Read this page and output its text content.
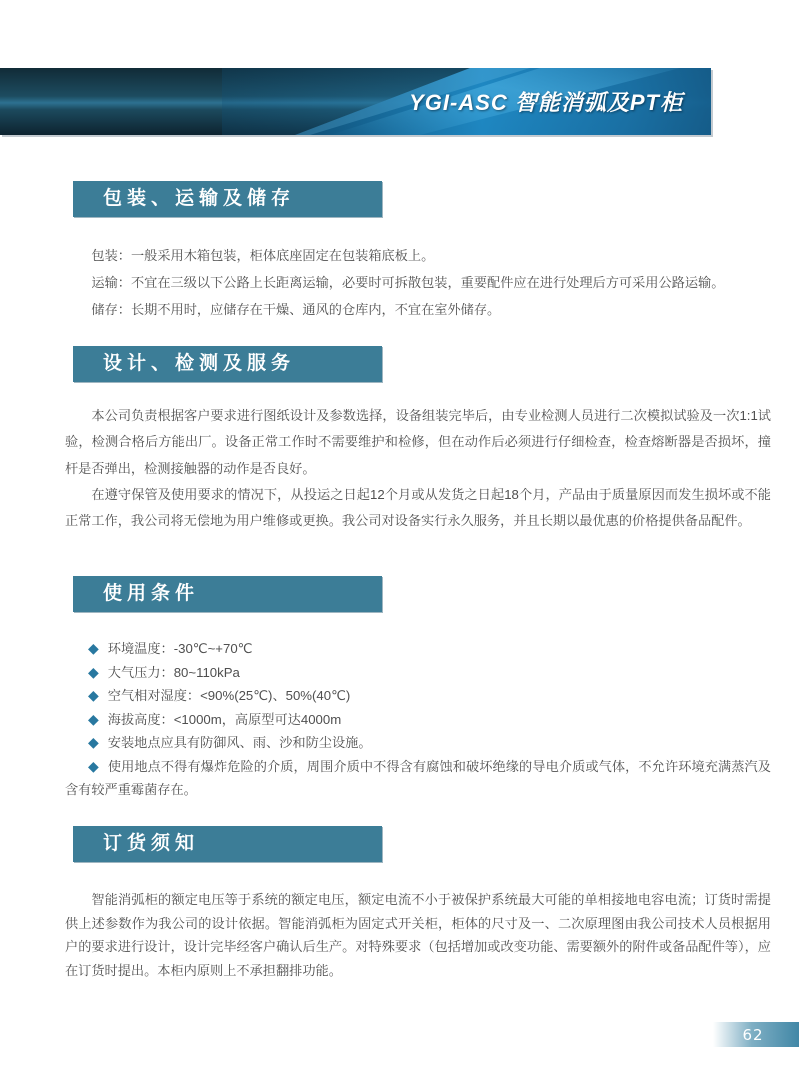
YGI-ASC 智能消弧及PT柜
包装、运输及储存

包装：一般采用木箱包装，柜体底座固定在包装箱底板上。

运输：不宜在三级以下公路上长距离运输，必要时可拆散包装，重要配件应在进行处理后方可采用公路运输。

储存：长期不用时，应储存在干燥、通风的仓库内，不宜在室外储存。

设计、检测及服务

本公司负责根据客户要求进行图纸设计及参数选择，设备组装完毕后，由专业检测人员进行二次模拟试验及一次1:1试验，检测合格后方能出厂。设备正常工作时不需要维护和检修，但在动作后必须进行仔细检查，检查熔断器是否损坏，撞杆是否弹出，检测接触器的动作是否良好。

在遵守保管及使用要求的情况下，从投运之日起12个月或从发货之日起18个月，产品由于质量原因而发生损坏或不能正常工作，我公司将无偿地为用户维修或更换。我公司对设备实行永久服务，并且长期以最优惠的价格提供备品配件。

使用条件

◆ 环境温度：-30℃~+70℃

◆ 大气压力：80~110kPa

◆ 空气相对湿度：<90%(25℃)、50%(40℃)

◆ 海拔高度：<1000m，高原型可达4000m

◆ 安装地点应具有防御风、雨、沙和防尘设施。

◆ 使用地点不得有爆炸危险的介质，周围介质中不得含有腐蚀和破坏绝缘的导电介质或气体，不允许环境充满蒸汽及含有较严重霉菌存在。

订货须知

智能消弧柜的额定电压等于系统的额定电压，额定电流不小于被保护系统最大可能的单相接地电容电流；订货时需提供上述参数作为我公司的设计依据。智能消弧柜为固定式开关柜，柜体的尺寸及一、二次原理图由我公司技术人员根据用户的要求进行设计，设计完毕经客户确认后生产。对特殊要求（包括增加或改变功能、需要额外的附件或备品配件等），应在订货时提出。本柜内原则上不承担翻排功能。

62
